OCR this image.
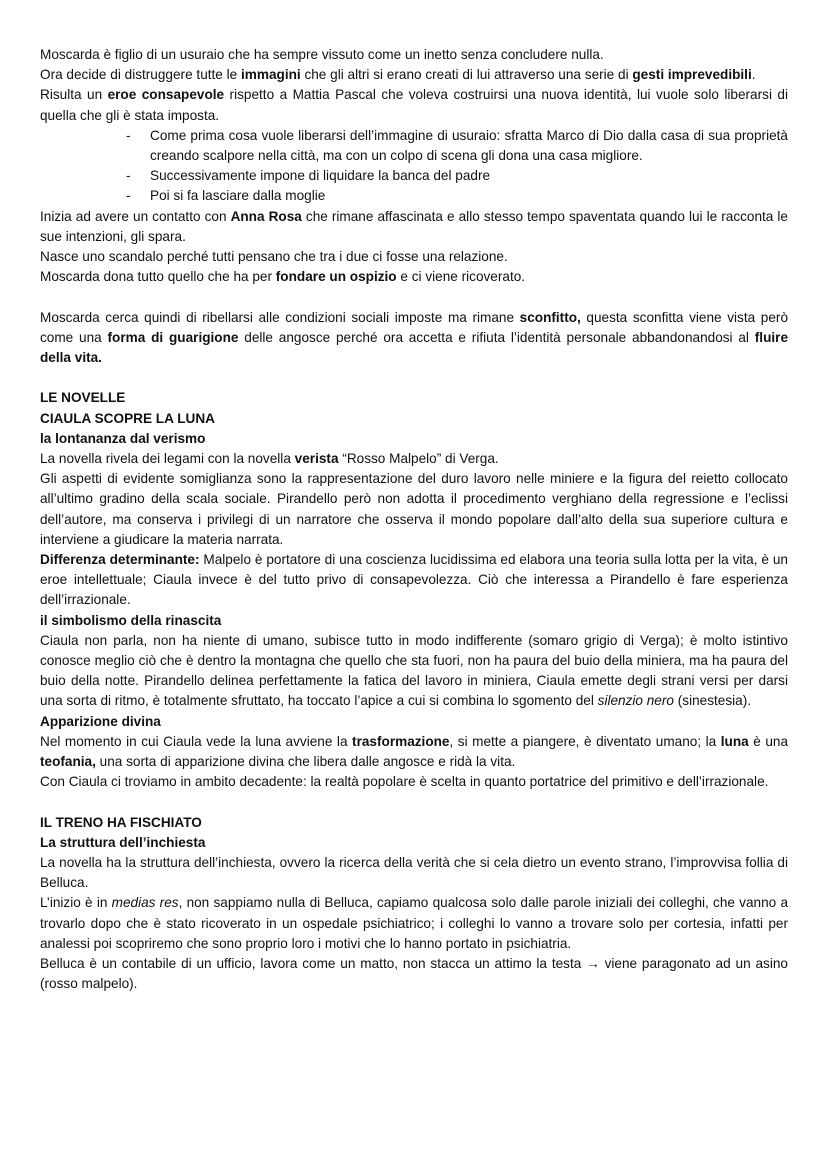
Moscarda è figlio di un usuraio che ha sempre vissuto come un inetto senza concludere nulla.

Ora decide di distruggere tutte le immagini che gli altri si erano creati di lui attraverso una serie di gesti imprevedibili.

Risulta un eroe consapevole rispetto a Mattia Pascal che voleva costruirsi una nuova identità, lui vuole solo liberarsi di quella che gli è stata imposta.

- Come prima cosa vuole liberarsi dell’immagine di usuraio: sfratta Marco di Dio dalla casa di sua proprietà creando scalpore nella città, ma con un colpo di scena gli dona una casa migliore.
- Successivamente impone di liquidare la banca del padre
- Poi si fa lasciare dalla moglie

Inizia ad avere un contatto con Anna Rosa che rimane affascinata e allo stesso tempo spaventata quando lui le racconta le sue intenzioni, gli spara.

Nasce uno scandalo perché tutti pensano che tra i due ci fosse una relazione.

Moscarda dona tutto quello che ha per fondare un ospizio e ci viene ricoverato.

Moscarda cerca quindi di ribellarsi alle condizioni sociali imposte ma rimane sconfitto, questa sconfitta viene vista però come una forma di guarigione delle angosce perché ora accetta e rifiuta l’identità personale abbandonandosi al fluire della vita.

LE NOVELLE

CIAULA SCOPRE LA LUNA

la lontananza dal verismo

La novella rivela dei legami con la novella verista “Rosso Malpelo” di Verga.

Gli aspetti di evidente somiglianza sono la rappresentazione del duro lavoro nelle miniere e la figura del reietto collocato all’ultimo gradino della scala sociale. Pirandello però non adotta il procedimento verghiano della regressione e l’eclissi dell’autore, ma conserva i privilegi di un narratore che osserva il mondo popolare dall’alto della sua superiore cultura e interviene a giudicare la materia narrata.

Differenza determinante: Malpelo è portatore di una coscienza lucidissima ed elabora una teoria sulla lotta per la vita, è un eroe intellettuale; Ciaula invece è del tutto privo di consapevolezza. Ciò che interessa a Pirandello è fare esperienza dell’irrazionale.

il simbolismo della rinascita

Ciaula non parla, non ha niente di umano, subisce tutto in modo indifferente (somaro grigio di Verga); è molto istintivo conosce meglio ciò che è dentro la montagna che quello che sta fuori, non ha paura del buio della miniera, ma ha paura del buio della notte. Pirandello delinea perfettamente la fatica del lavoro in miniera, Ciaula emette degli strani versi per darsi una sorta di ritmo, è totalmente sfruttato, ha toccato l’apice a cui si combina lo sgomento del silenzio nero (sinestesia).

Apparizione divina

Nel momento in cui Ciaula vede la luna avviene la trasformazione, si mette a piangere, è diventato umano; la luna è una teofania, una sorta di apparizione divina che libera dalle angosce e ridà la vita.

Con Ciaula ci troviamo in ambito decadente: la realtà popolare è scelta in quanto portatrice del primitivo e dell’irrazionale.

IL TRENO HA FISCHIATO

La struttura dell’inchiesta

La novella ha la struttura dell’inchiesta, ovvero la ricerca della verità che si cela dietro un evento strano, l’improvvisa follia di Belluca.

L’inizio è in medias res, non sappiamo nulla di Belluca, capiamo qualcosa solo dalle parole iniziali dei colleghi, che vanno a trovarlo dopo che è stato ricoverato in un ospedale psichiatrico; i colleghi lo vanno a trovare solo per cortesia, infatti per analessi poi scopriremo che sono proprio loro i motivi che lo hanno portato in psichiatria.

Belluca è un contabile di un ufficio, lavora come un matto, non stacca un attimo la testa → viene paragonato ad un asino (rosso malpelo).
